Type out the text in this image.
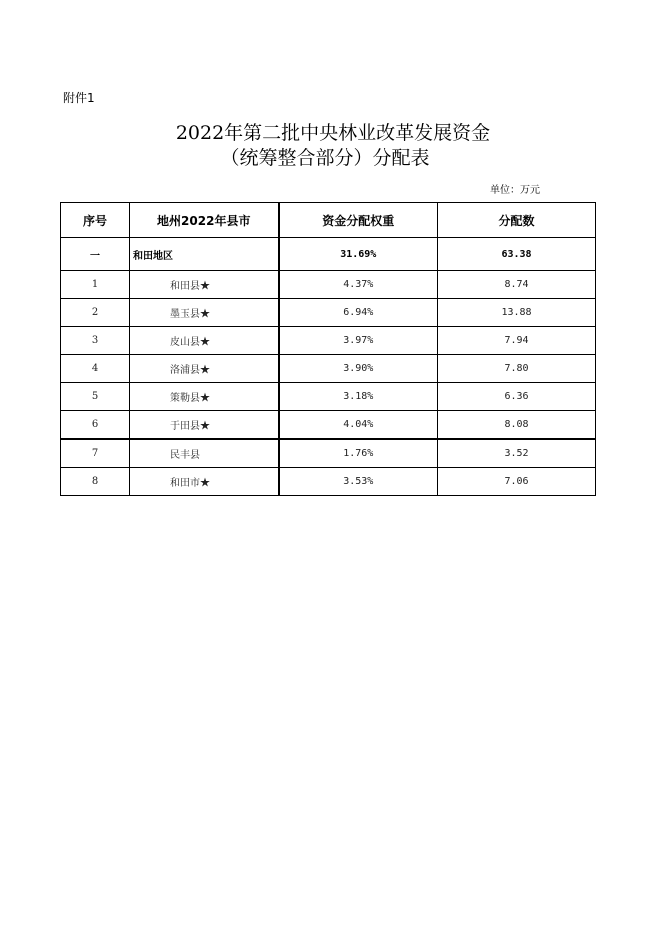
附件1
2022年第二批中央林业改革发展资金
（统筹整合部分）分配表
单位：万元
序号	地州2022年县市	资金分配权重	分配数
一	和田地区	31.69%	63.38
1	和田县★	4.37%	8.74
2	墨玉县★	6.94%	13.88
3	皮山县★	3.97%	7.94
4	洛浦县★	3.90%	7.80
5	策勒县★	3.18%	6.36
6	于田县★	4.04%	8.08
7	民丰县	1.76%	3.52
8	和田市★	3.53%	7.06
